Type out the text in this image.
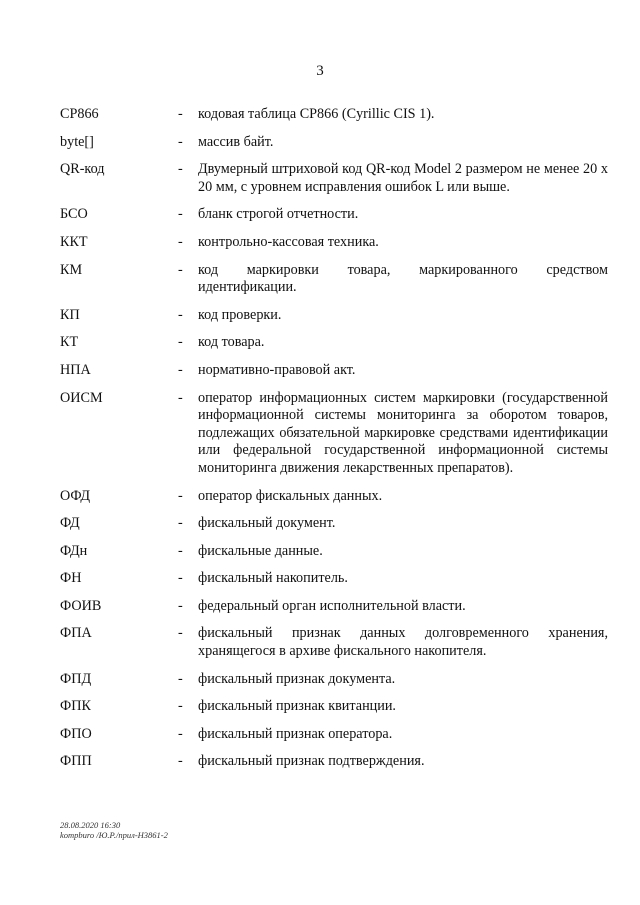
3
CP866	-	кодовая таблица CP866 (Cyrillic CIS 1).
byte[]	-	массив байт.
QR-код	-	Двумерный штриховой код QR-код Model 2 размером не менее 20 х 20 мм, с уровнем исправления ошибок L или выше.
БСО	-	бланк строгой отчетности.
ККТ	-	контрольно-кассовая техника.
КМ	-	код маркировки товара, маркированного средством идентификации.
КП	-	код проверки.
КТ	-	код товара.
НПА	-	нормативно-правовой акт.
ОИСМ	-	оператор информационных систем маркировки (государственной информационной системы мониторинга за оборотом товаров, подлежащих обязательной маркировке средствами идентификации или федеральной государственной информационной системы мониторинга движения лекарственных препаратов).
ОФД	-	оператор фискальных данных.
ФД	-	фискальный документ.
ФДн	-	фискальные данные.
ФН	-	фискальный накопитель.
ФОИВ	-	федеральный орган исполнительной власти.
ФПА	-	фискальный признак данных долговременного хранения, хранящегося в архиве фискального накопителя.
ФПД	-	фискальный признак документа.
ФПК	-	фискальный признак квитанции.
ФПО	-	фискальный признак оператора.
ФПП	-	фискальный признак подтверждения.
28.08.2020 16:30
kompburo /Ю.Р./прил-Н3861-2
